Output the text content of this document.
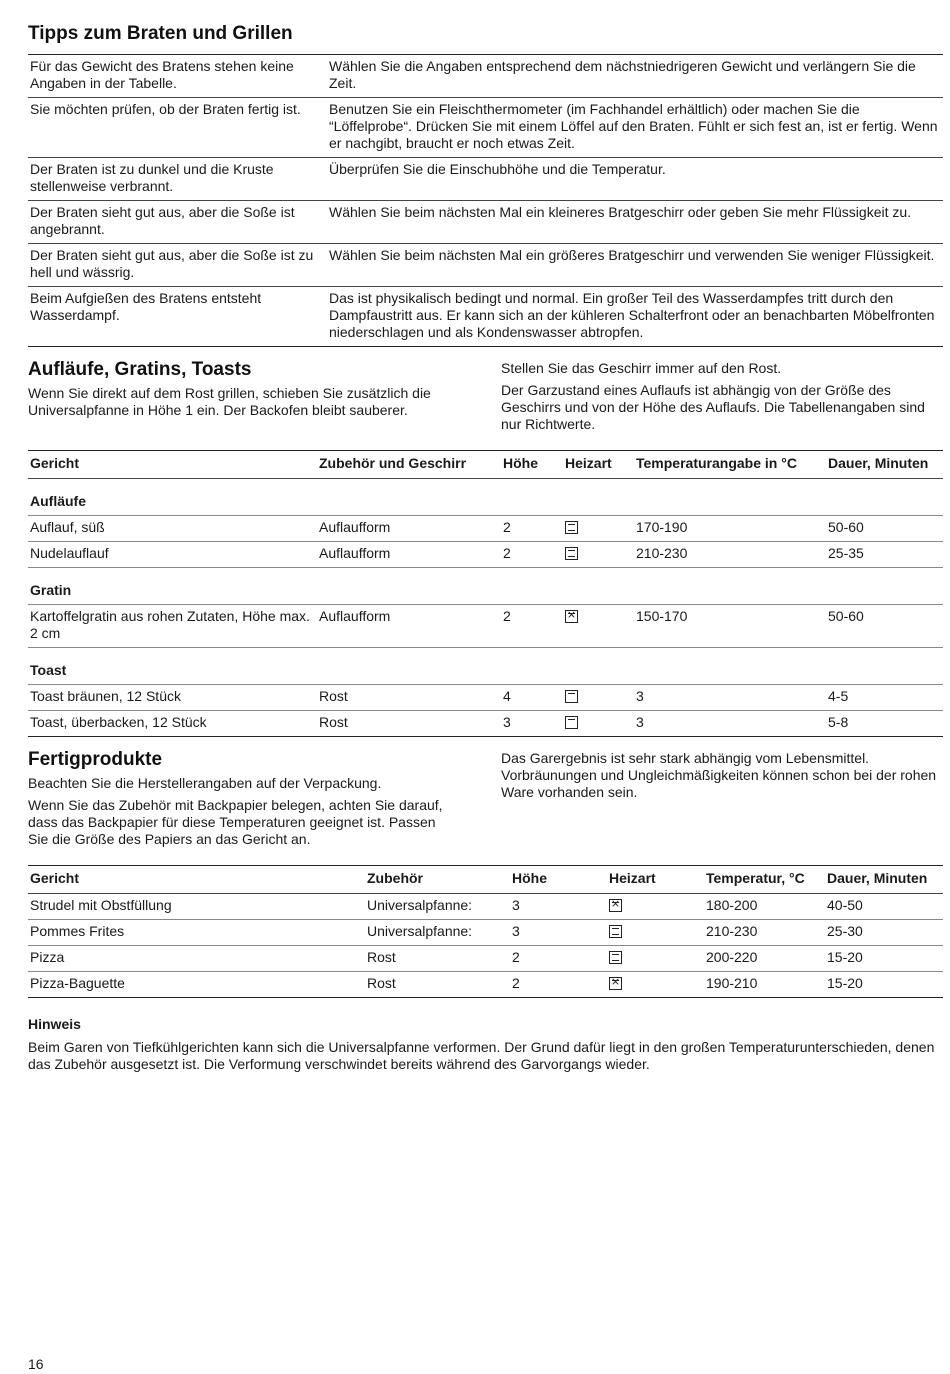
Tipps zum Braten und Grillen
Für das Gewicht des Bratens stehen keine Angaben in der Tabelle.	Wählen Sie die Angaben entsprechend dem nächstniedrigeren Gewicht und verlängern Sie die Zeit.
Sie möchten prüfen, ob der Braten fertig ist.	Benutzen Sie ein Fleischthermometer (im Fachhandel erhältlich) oder machen Sie die “Löffelprobe“. Drücken Sie mit einem Löffel auf den Braten. Fühlt er sich fest an, ist er fertig. Wenn er nachgibt, braucht er noch etwas Zeit.
Der Braten ist zu dunkel und die Kruste stellenweise verbrannt.	Überprüfen Sie die Einschubhöhe und die Temperatur.
Der Braten sieht gut aus, aber die Soße ist angebrannt.	Wählen Sie beim nächsten Mal ein kleineres Bratgeschirr oder geben Sie mehr Flüssigkeit zu.
Der Braten sieht gut aus, aber die Soße ist zu hell und wässrig.	Wählen Sie beim nächsten Mal ein größeres Bratgeschirr und verwenden Sie weniger Flüssigkeit.
Beim Aufgießen des Bratens entsteht Wasserdampf.	Das ist physikalisch bedingt und normal. Ein großer Teil des Wasserdampfes tritt durch den Dampfaustritt aus. Er kann sich an der kühleren Schalterfront oder an benachbarten Möbelfronten niederschlagen und als Kondenswasser abtropfen.
Aufläufe, Gratins, Toasts

Wenn Sie direkt auf dem Rost grillen, schieben Sie zusätzlich die Universalpfanne in Höhe 1 ein. Der Backofen bleibt sauberer.

Stellen Sie das Geschirr immer auf den Rost.

Der Garzustand eines Auflaufs ist abhängig von der Größe des Geschirrs und von der Höhe des Auflaufs. Die Tabellenangaben sind nur Richtwerte.

Gericht	Zubehör und Geschirr	Höhe	Heizart	Temperaturangabe in °C	Dauer, Minuten
Aufläufe					
Auflauf, süß	Auflaufform	2		170-190	50-60
Nudelauflauf	Auflaufform	2		210-230	25-35
Gratin					
Kartoffelgratin aus rohen Zutaten, Höhe max. 2 cm	Auflaufform	2	⨯	150-170	50-60
Toast					
Toast bräunen, 12 Stück	Rost	4		3	4-5
Toast, überbacken, 12 Stück	Rost	3		3	5-8
Fertigprodukte

Beachten Sie die Herstellerangaben auf der Verpackung.

Wenn Sie das Zubehör mit Backpapier belegen, achten Sie darauf, dass das Backpapier für diese Temperaturen geeignet ist. Passen Sie die Größe des Papiers an das Gericht an.

Das Garergebnis ist sehr stark abhängig vom Lebensmittel. Vorbräunungen und Ungleichmäßigkeiten können schon bei der rohen Ware vorhanden sein.

Gericht	Zubehör	Höhe	Heizart	Temperatur, °C	Dauer, Minuten
Strudel mit Obstfüllung	Universalpfanne:	3	⨯	180-200	40-50
Pommes Frites	Universalpfanne:	3		210-230	25-30
Pizza	Rost	2		200-220	15-20
Pizza-Baguette	Rost	2	⨯	190-210	15-20
Hinweis

Beim Garen von Tiefkühlgerichten kann sich die Universalpfanne verformen. Der Grund dafür liegt in den großen Temperaturunterschieden, denen das Zubehör ausgesetzt ist. Die Verformung verschwindet bereits während des Garvorgangs wieder.

16
